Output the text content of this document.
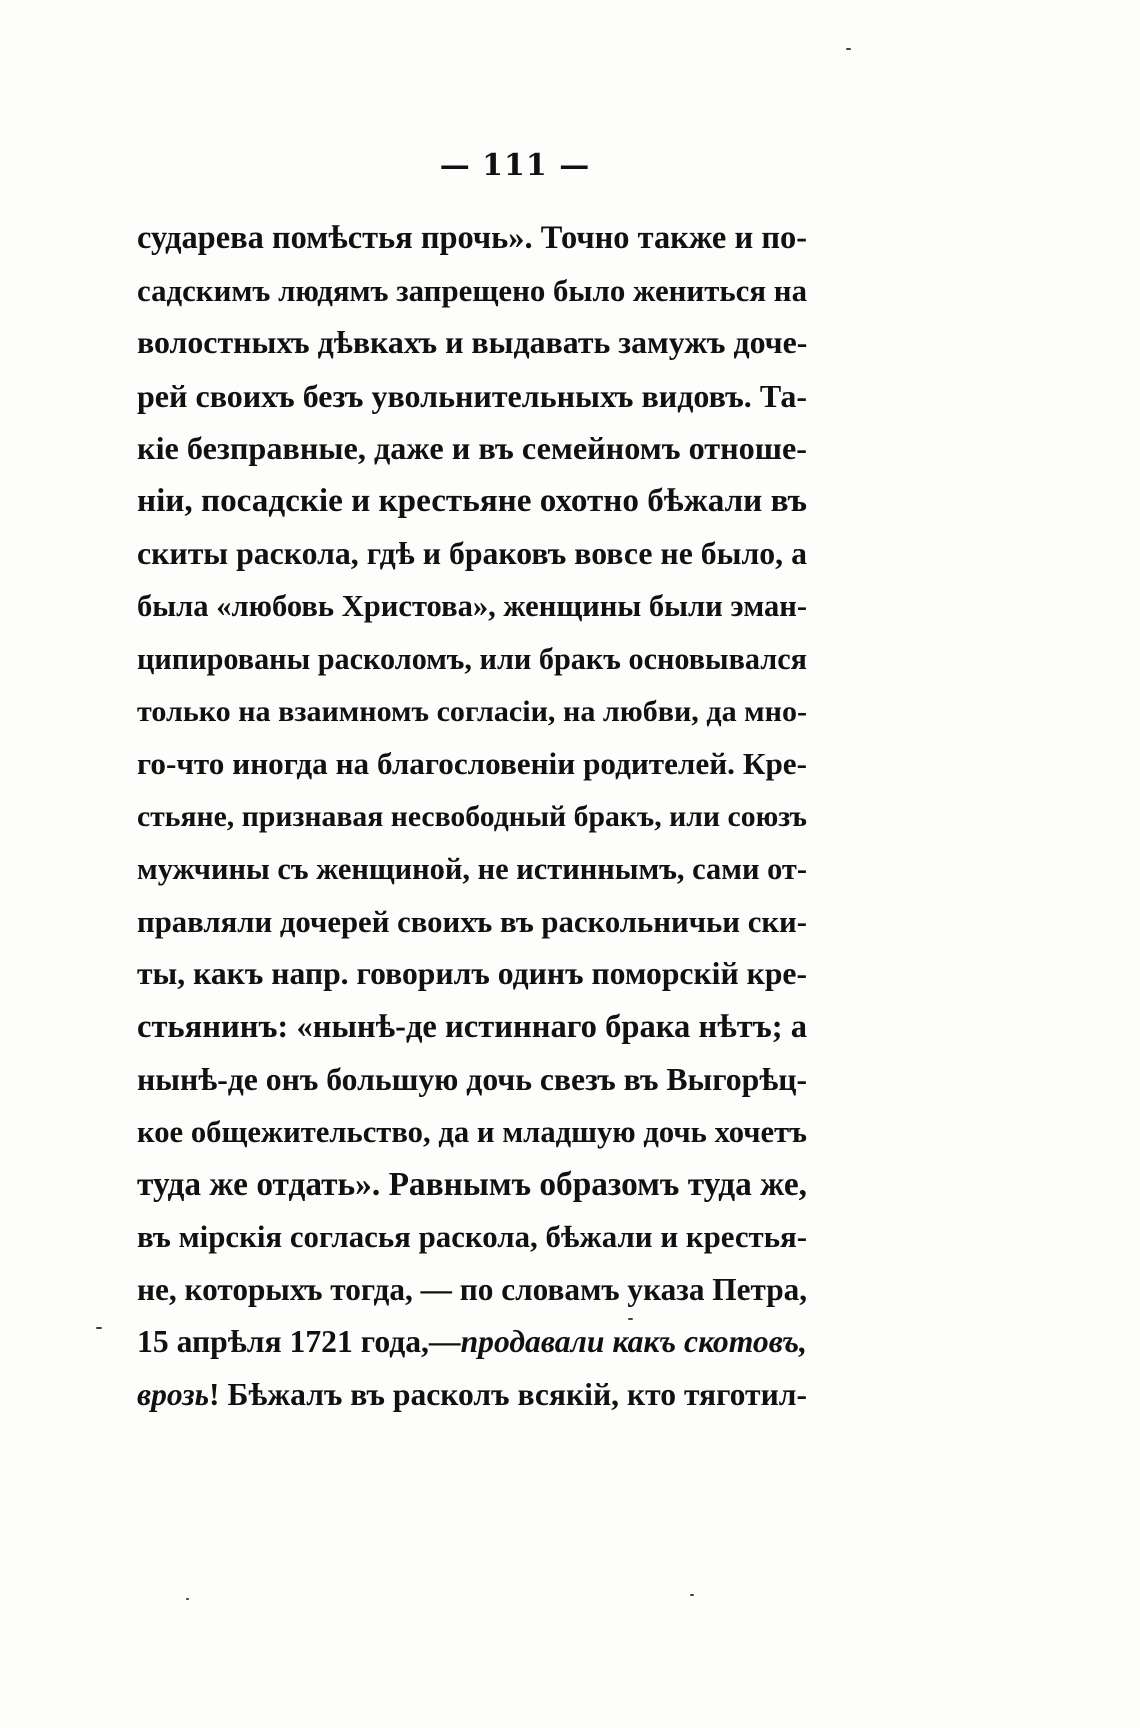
— 111 —
сударева помѣстья прочь». Точно также и по-
садскимъ людямъ запрещено было жениться на
волостныхъ дѣвкахъ и выдавать замужъ доче-
рей своихъ безъ увольнительныхъ видовъ. Та-
кіе безправные, даже и въ семейномъ отноше-
ніи, посадскіе и крестьяне охотно бѣжали въ
скиты раскола, гдѣ и браковъ вовсе не было, а
была «любовь Христова», женщины были эман-
ципированы расколомъ, или бракъ основывался
только на взаимномъ согласіи, на любви, да мно-
го-что иногда на благословеніи родителей. Кре-
стьяне, признавая несвободный бракъ, или союзъ
мужчины съ женщиной, не истиннымъ, сами от-
правляли дочерей своихъ въ раскольничьи ски-
ты, какъ напр. говорилъ одинъ поморскій кре-
стьянинъ: «нынѣ-де истиннаго брака нѣтъ; а
нынѣ-де онъ большую дочь свезъ въ Выгорѣц-
кое общежительство, да и младшую дочь хочетъ
туда же отдать». Равнымъ образомъ туда же,
въ мірскія согласья раскола, бѣжали и крестья-
не, которыхъ тогда, — по словамъ указа Петра,
15 апрѣля 1721 года,—продавали какъ скотовъ,
врозь! Бѣжалъ въ расколъ всякій, кто тяготил-
